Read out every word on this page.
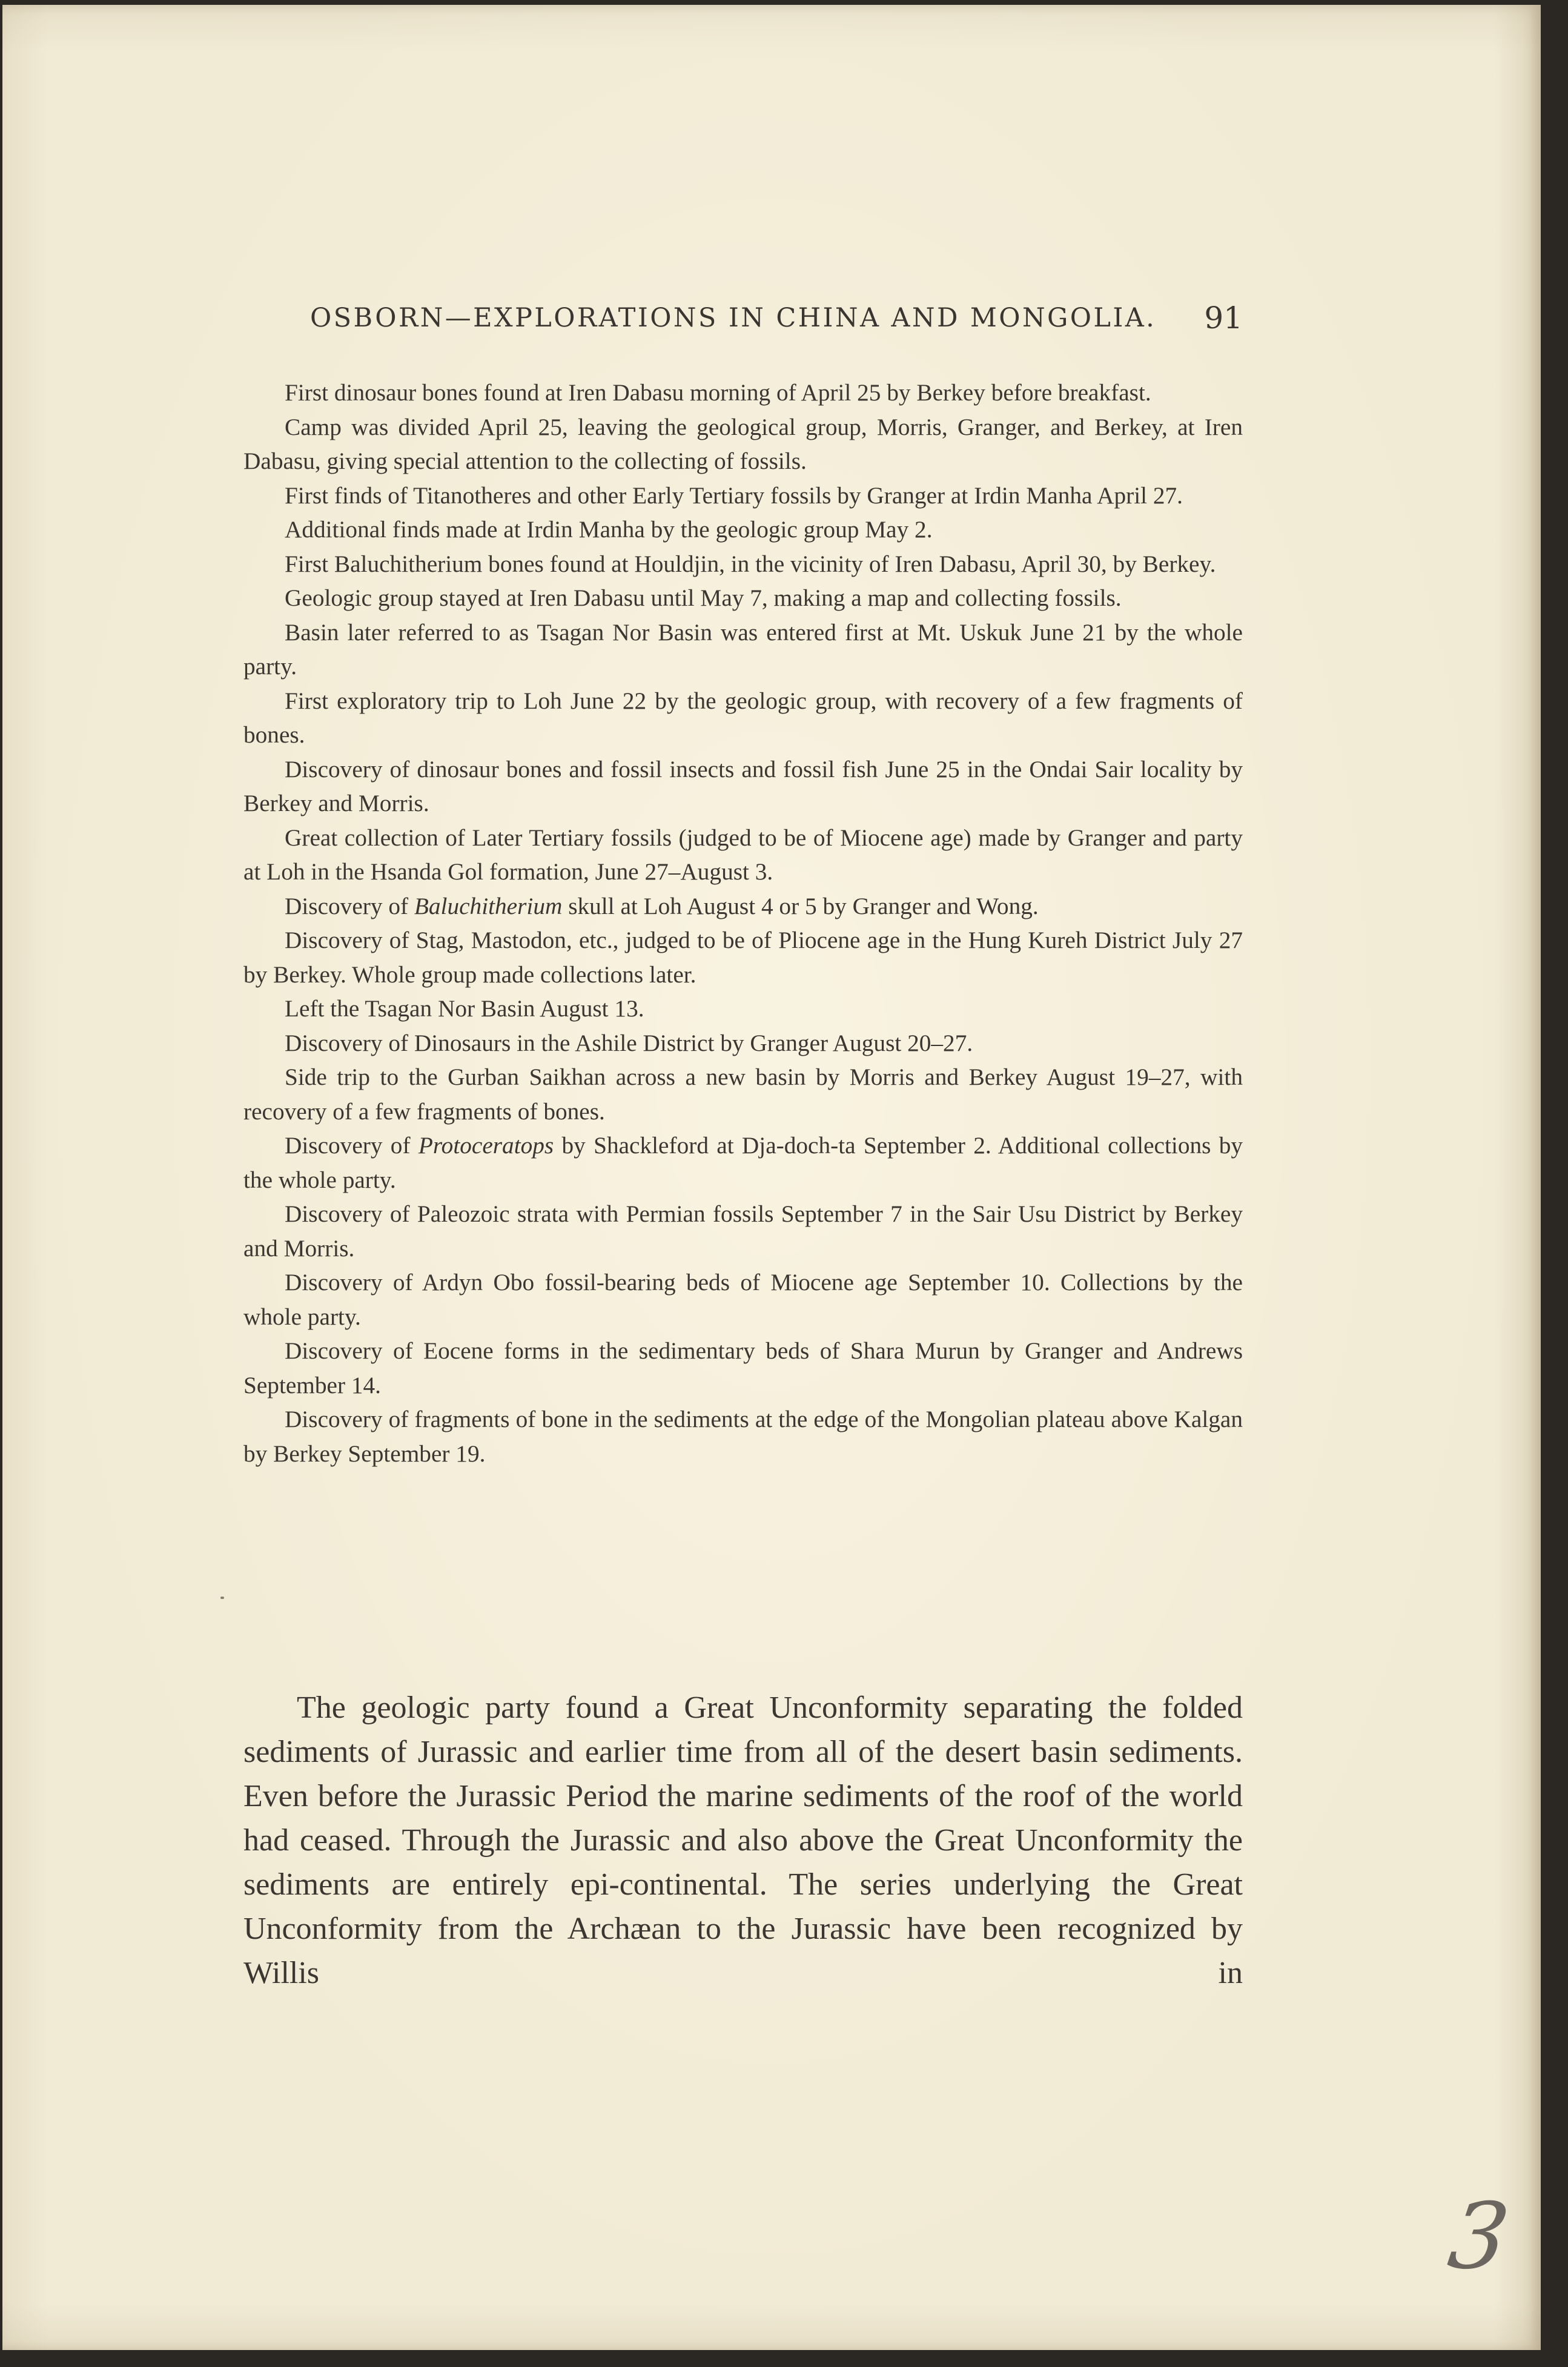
OSBORN—EXPLORATIONS IN CHINA AND MONGOLIA. 91
First dinosaur bones found at Iren Dabasu morning of April 25 by Berkey before breakfast.
Camp was divided April 25, leaving the geological group, Morris, Granger, and Berkey, at Iren Dabasu, giving special attention to the collecting of fossils.
First finds of Titanotheres and other Early Tertiary fossils by Granger at Irdin Manha April 27.
Additional finds made at Irdin Manha by the geologic group May 2.
First Baluchitherium bones found at Houldjin, in the vicinity of Iren Dabasu, April 30, by Berkey.
Geologic group stayed at Iren Dabasu until May 7, making a map and collecting fossils.
Basin later referred to as Tsagan Nor Basin was entered first at Mt. Uskuk June 21 by the whole party.
First exploratory trip to Loh June 22 by the geologic group, with recovery of a few fragments of bones.
Discovery of dinosaur bones and fossil insects and fossil fish June 25 in the Ondai Sair locality by Berkey and Morris.
Great collection of Later Tertiary fossils (judged to be of Miocene age) made by Granger and party at Loh in the Hsanda Gol formation, June 27–August 3.
Discovery of Baluchitherium skull at Loh August 4 or 5 by Granger and Wong.
Discovery of Stag, Mastodon, etc., judged to be of Pliocene age in the Hung Kureh District July 27 by Berkey. Whole group made collections later.
Left the Tsagan Nor Basin August 13.
Discovery of Dinosaurs in the Ashile District by Granger August 20–27.
Side trip to the Gurban Saikhan across a new basin by Morris and Berkey August 19–27, with recovery of a few fragments of bones.
Discovery of Protoceratops by Shackleford at Dja-doch-ta September 2. Additional collections by the whole party.
Discovery of Paleozoic strata with Permian fossils September 7 in the Sair Usu District by Berkey and Morris.
Discovery of Ardyn Obo fossil-bearing beds of Miocene age September 10. Collections by the whole party.
Discovery of Eocene forms in the sedimentary beds of Shara Murun by Granger and Andrews September 14.
Discovery of fragments of bone in the sediments at the edge of the Mongolian plateau above Kalgan by Berkey September 19.

The geologic party found a Great Unconformity separating the folded sediments of Jurassic and earlier time from all of the desert basin sediments. Even before the Jurassic Period the marine sediments of the roof of the world had ceased. Through the Jurassic and also above the Great Unconformity the sediments are entirely epi-continental. The series underlying the Great Unconformity from the Archæan to the Jurassic have been recognized by Willis in

3
